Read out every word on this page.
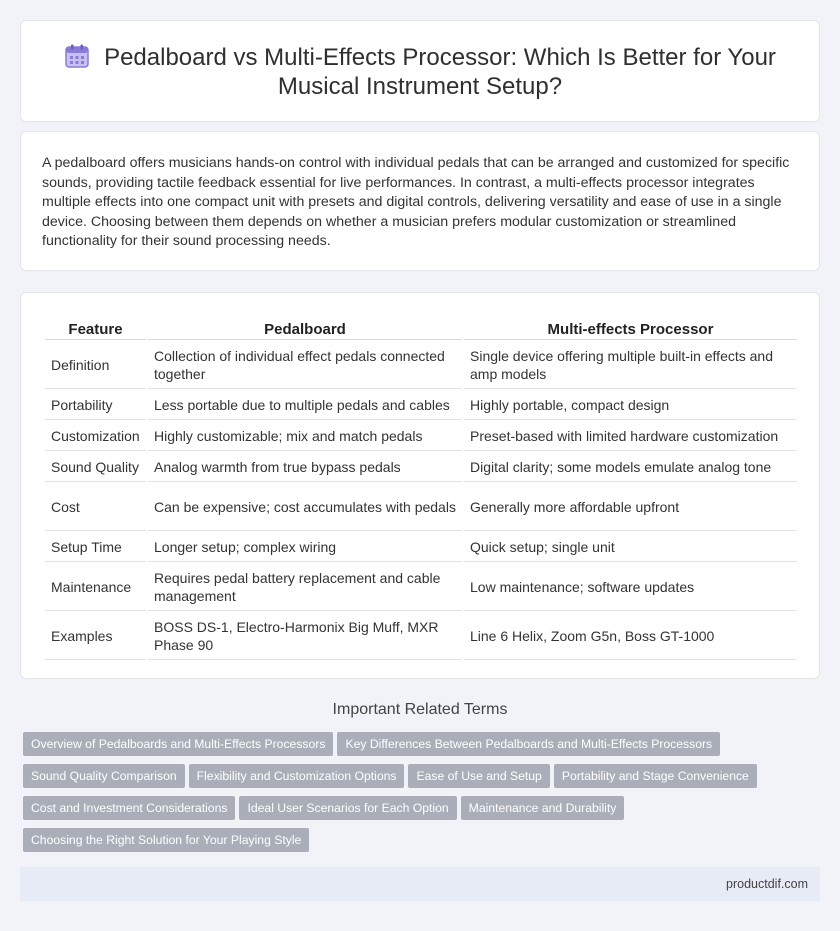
Pedalboard vs Multi-Effects Processor: Which Is Better for Your
Musical Instrument Setup?

A pedalboard offers musicians hands-on control with individual pedals that can be arranged and customized for specific sounds, providing tactile feedback essential for live performances. In contrast, a multi-effects processor integrates multiple effects into one compact unit with presets and digital controls, delivering versatility and ease of use in a single device. Choosing between them depends on whether a musician prefers modular customization or streamlined functionality for their sound processing needs.

Feature	Pedalboard	Multi-effects Processor
Definition	Collection of individual effect pedals connected together	Single device offering multiple built-in effects and amp models
Portability	Less portable due to multiple pedals and cables	Highly portable, compact design
Customization	Highly customizable; mix and match pedals	Preset-based with limited hardware customization
Sound Quality	Analog warmth from true bypass pedals	Digital clarity; some models emulate analog tone
Cost	Can be expensive; cost accumulates with pedals	Generally more affordable upfront
Setup Time	Longer setup; complex wiring	Quick setup; single unit
Maintenance	Requires pedal battery replacement and cable management	Low maintenance; software updates
Examples	BOSS DS-1, Electro-Harmonix Big Muff, MXR Phase 90	Line 6 Helix, Zoom G5n, Boss GT-1000
Important Related Terms
Overview of Pedalboards and Multi-Effects Processors Key Differences Between Pedalboards and Multi-Effects Processors
Sound Quality Comparison Flexibility and Customization Options Ease of Use and Setup Portability and Stage Convenience
Cost and Investment Considerations Ideal User Scenarios for Each Option Maintenance and Durability
Choosing the Right Solution for Your Playing Style
productdif.com
